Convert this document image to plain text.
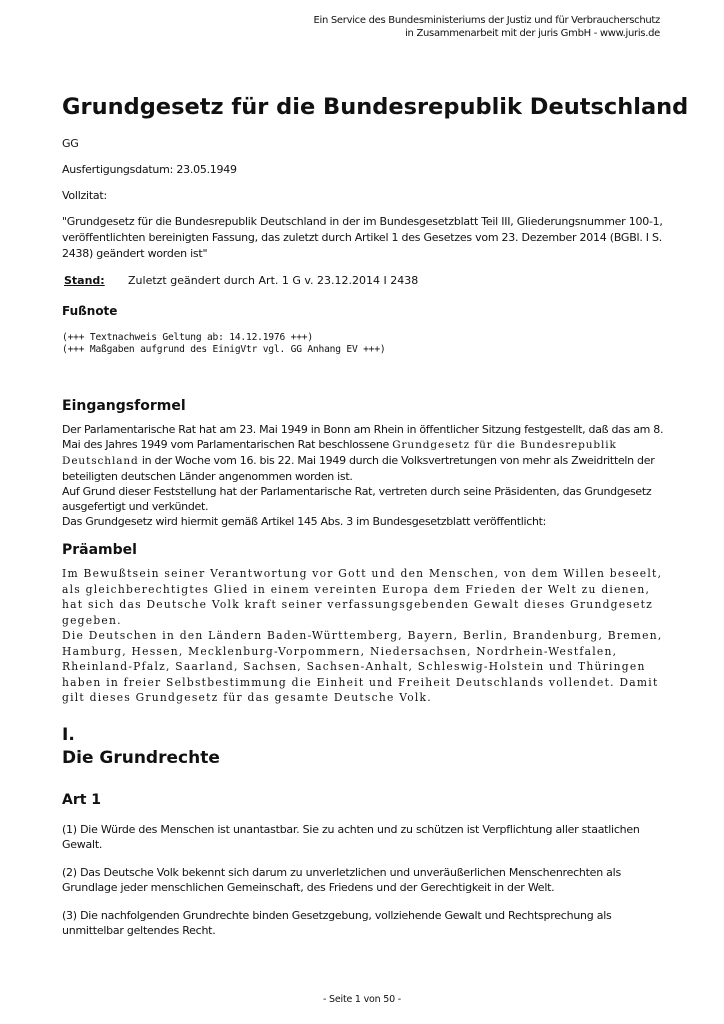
Ein Service des Bundesministeriums der Justiz und für Verbraucherschutz
in Zusammenarbeit mit der juris GmbH - www.juris.de
Grundgesetz für die Bundesrepublik Deutschland
GG
Ausfertigungsdatum: 23.05.1949
Vollzitat:
"Grundgesetz für die Bundesrepublik Deutschland in der im Bundesgesetzblatt Teil III, Gliederungsnummer 100-1, veröffentlichten bereinigten Fassung, das zuletzt durch Artikel 1 des Gesetzes vom 23. Dezember 2014 (BGBl. I S. 2438) geändert worden ist"
Stand:	Zuletzt geändert durch Art. 1 G v. 23.12.2014 I 2438
Fußnote
(+++ Textnachweis Geltung ab: 14.12.1976 +++)
(+++ Maßgaben aufgrund des EinigVtr vgl. GG Anhang EV +++)
Eingangsformel
Der Parlamentarische Rat hat am 23. Mai 1949 in Bonn am Rhein in öffentlicher Sitzung festgestellt, daß das am 8. Mai des Jahres 1949 vom Parlamentarischen Rat beschlossene Grundgesetz für die Bundesrepublik Deutschland in der Woche vom 16. bis 22. Mai 1949 durch die Volksvertretungen von mehr als Zweidritteln der beteiligten deutschen Länder angenommen worden ist.
Auf Grund dieser Feststellung hat der Parlamentarische Rat, vertreten durch seine Präsidenten, das Grundgesetz ausgefertigt und verkündet.
Das Grundgesetz wird hiermit gemäß Artikel 145 Abs. 3 im Bundesgesetzblatt veröffentlicht:
Präambel
Im Bewußtsein seiner Verantwortung vor Gott und den Menschen, von dem Willen beseelt, als gleichberechtigtes Glied in einem vereinten Europa dem Frieden der Welt zu dienen, hat sich das Deutsche Volk kraft seiner verfassungsgebenden Gewalt dieses Grundgesetz gegeben.
Die Deutschen in den Ländern Baden-Württemberg, Bayern, Berlin, Brandenburg, Bremen, Hamburg, Hessen, Mecklenburg-Vorpommern, Niedersachsen, Nordrhein-Westfalen, Rheinland-Pfalz, Saarland, Sachsen, Sachsen-Anhalt, Schleswig-Holstein und Thüringen haben in freier Selbstbestimmung die Einheit und Freiheit Deutschlands vollendet. Damit gilt dieses Grundgesetz für das gesamte Deutsche Volk.
I.
Die Grundrechte
Art 1
(1) Die Würde des Menschen ist unantastbar. Sie zu achten und zu schützen ist Verpflichtung aller staatlichen Gewalt.
(2) Das Deutsche Volk bekennt sich darum zu unverletzlichen und unveräußerlichen Menschenrechten als Grundlage jeder menschlichen Gemeinschaft, des Friedens und der Gerechtigkeit in der Welt.
(3) Die nachfolgenden Grundrechte binden Gesetzgebung, vollziehende Gewalt und Rechtsprechung als unmittelbar geltendes Recht.
- Seite 1 von 50 -
